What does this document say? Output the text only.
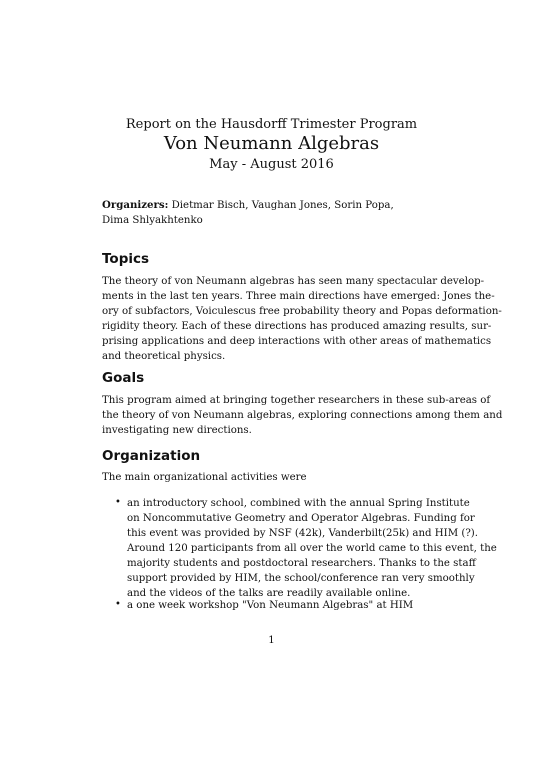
Report on the Hausdorff Trimester Program
Von Neumann Algebras
May - August 2016
Organizers: Dietmar Bisch, Vaughan Jones, Sorin Popa,
Dima Shlyakhtenko
Topics
The theory of von Neumann algebras has seen many spectacular develop-
ments in the last ten years. Three main directions have emerged: Jones the-
ory of subfactors, Voiculescus free probability theory and Popas deformation-
rigidity theory. Each of these directions has produced amazing results, sur-
prising applications and deep interactions with other areas of mathematics
and theoretical physics.
Goals
This program aimed at bringing together researchers in these sub-areas of
the theory of von Neumann algebras, exploring connections among them and
investigating new directions.
Organization
The main organizational activities were
• an introductory school, combined with the annual Spring Institute
on Noncommutative Geometry and Operator Algebras. Funding for
this event was provided by NSF (42k), Vanderbilt(25k) and HIM (?).
Around 120 participants from all over the world came to this event, the
majority students and postdoctoral researchers. Thanks to the staff
support provided by HIM, the school/conference ran very smoothly
and the videos of the talks are readily available online.
• a one week workshop "Von Neumann Algebras" at HIM
1
